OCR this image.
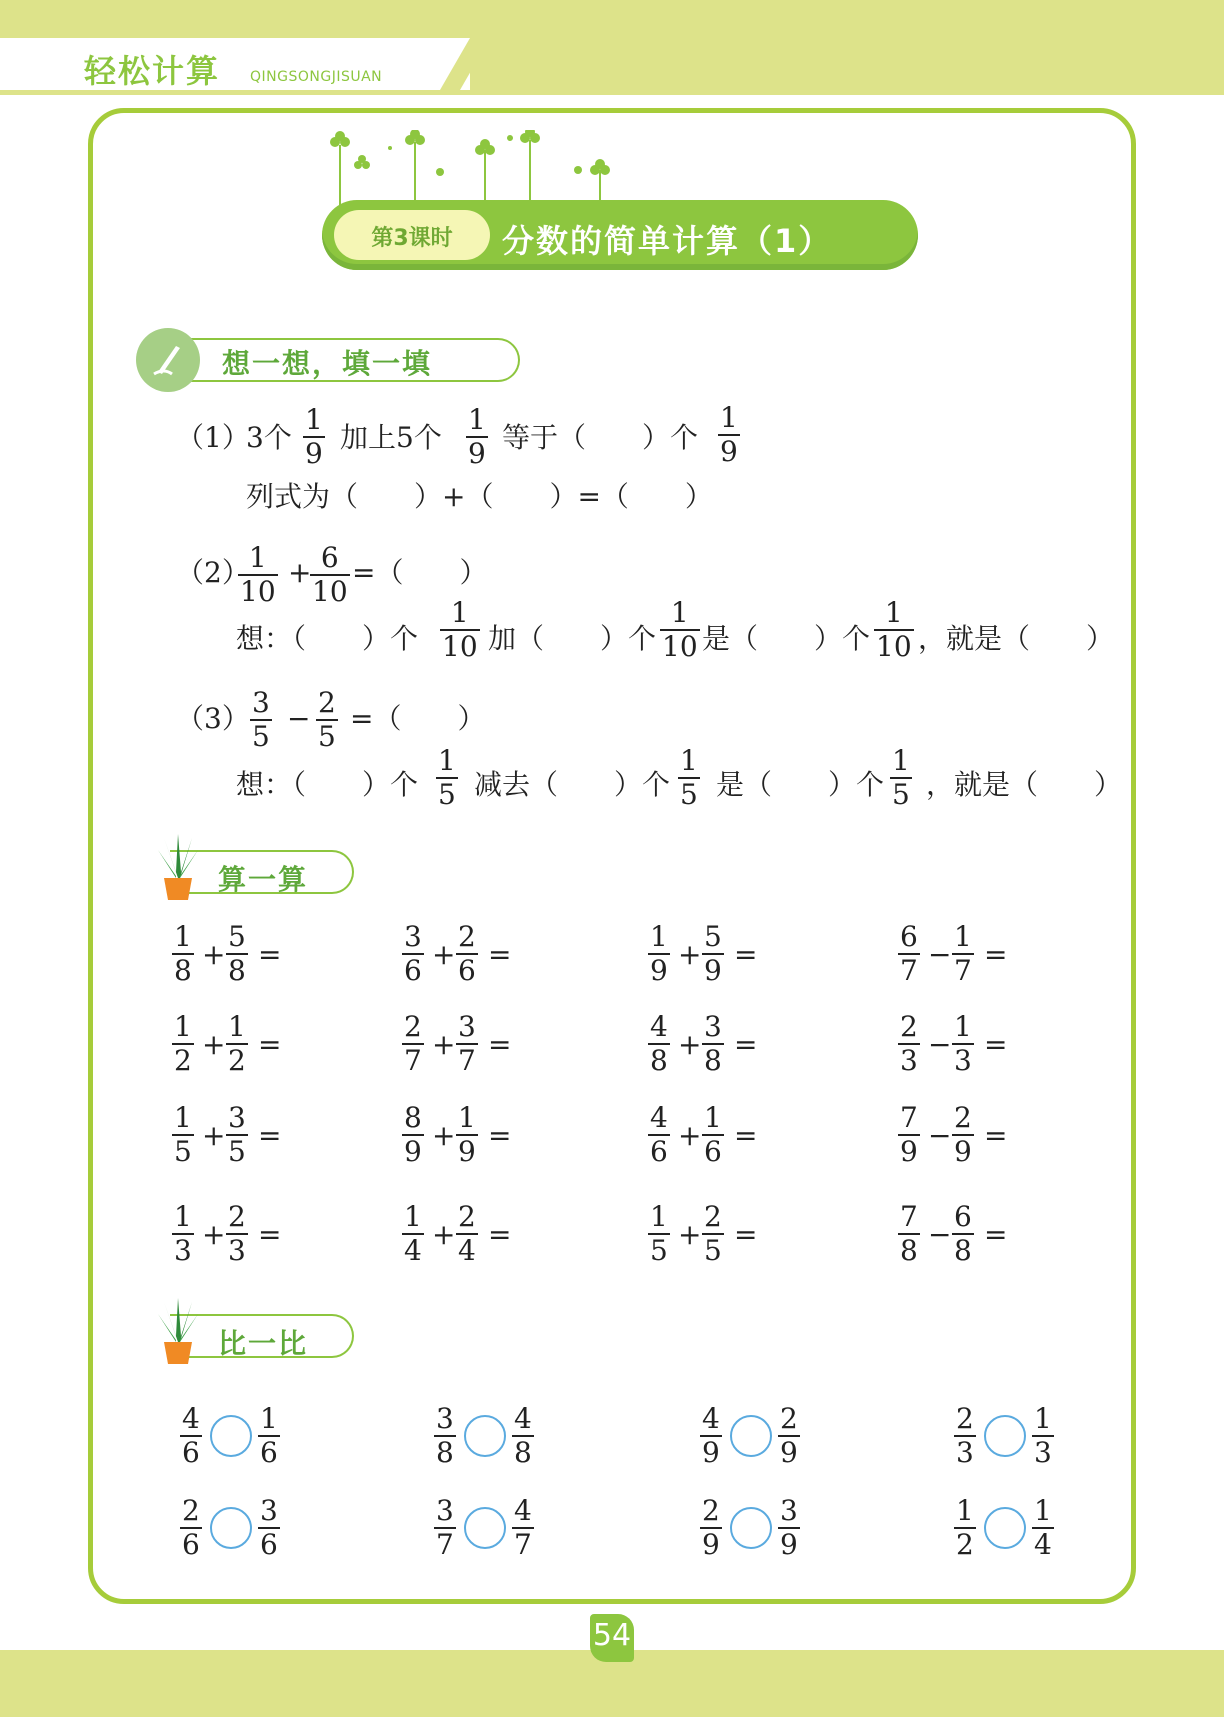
轻松计算 QINGSONGJISUAN
第3课时	分数的简单计算（1）
想一想，填一填
（1）
3个
1
9 加上5个
1
9 等于（　　）个
1
9
列式为（　　）+（　　）=（　　）
（2） 1
10
+ 6
10
=（　　）
想：（　　）个
1
10 加（　　）个
1
10 是（　　）个
1
10 ，就是（　　）
（3） 3
5
− 2
5
=（　　）
想：（　　）个
1
5 减去（　　）个
1
5 是（　　）个
1
5 ，就是（　　）
算一算
1
8 +
5
8 =
3
6 +
2
6 =
1
9 +
5
9 =
6
7 −
1
7 =
1
2 +
1
2 =
2
7 +
3
7 =
4
8 +
3
8 =
2
3 −
1
3 =
1
5 +
3
5 =
8
9 +
1
9 =
4
6 +
1
6 =
7
9 −
2
9 =
1
3 +
2
3 =
1
4 +
2
4 =
1
5 +
2
5 =
7
8 −
6
8 =
比一比
4
6
1
6
3
8
4
8
4
9
2
9
2
3
1
3
2
6
3
6
3
7
4
7
2
9
3
9
1
2
1
4
54
